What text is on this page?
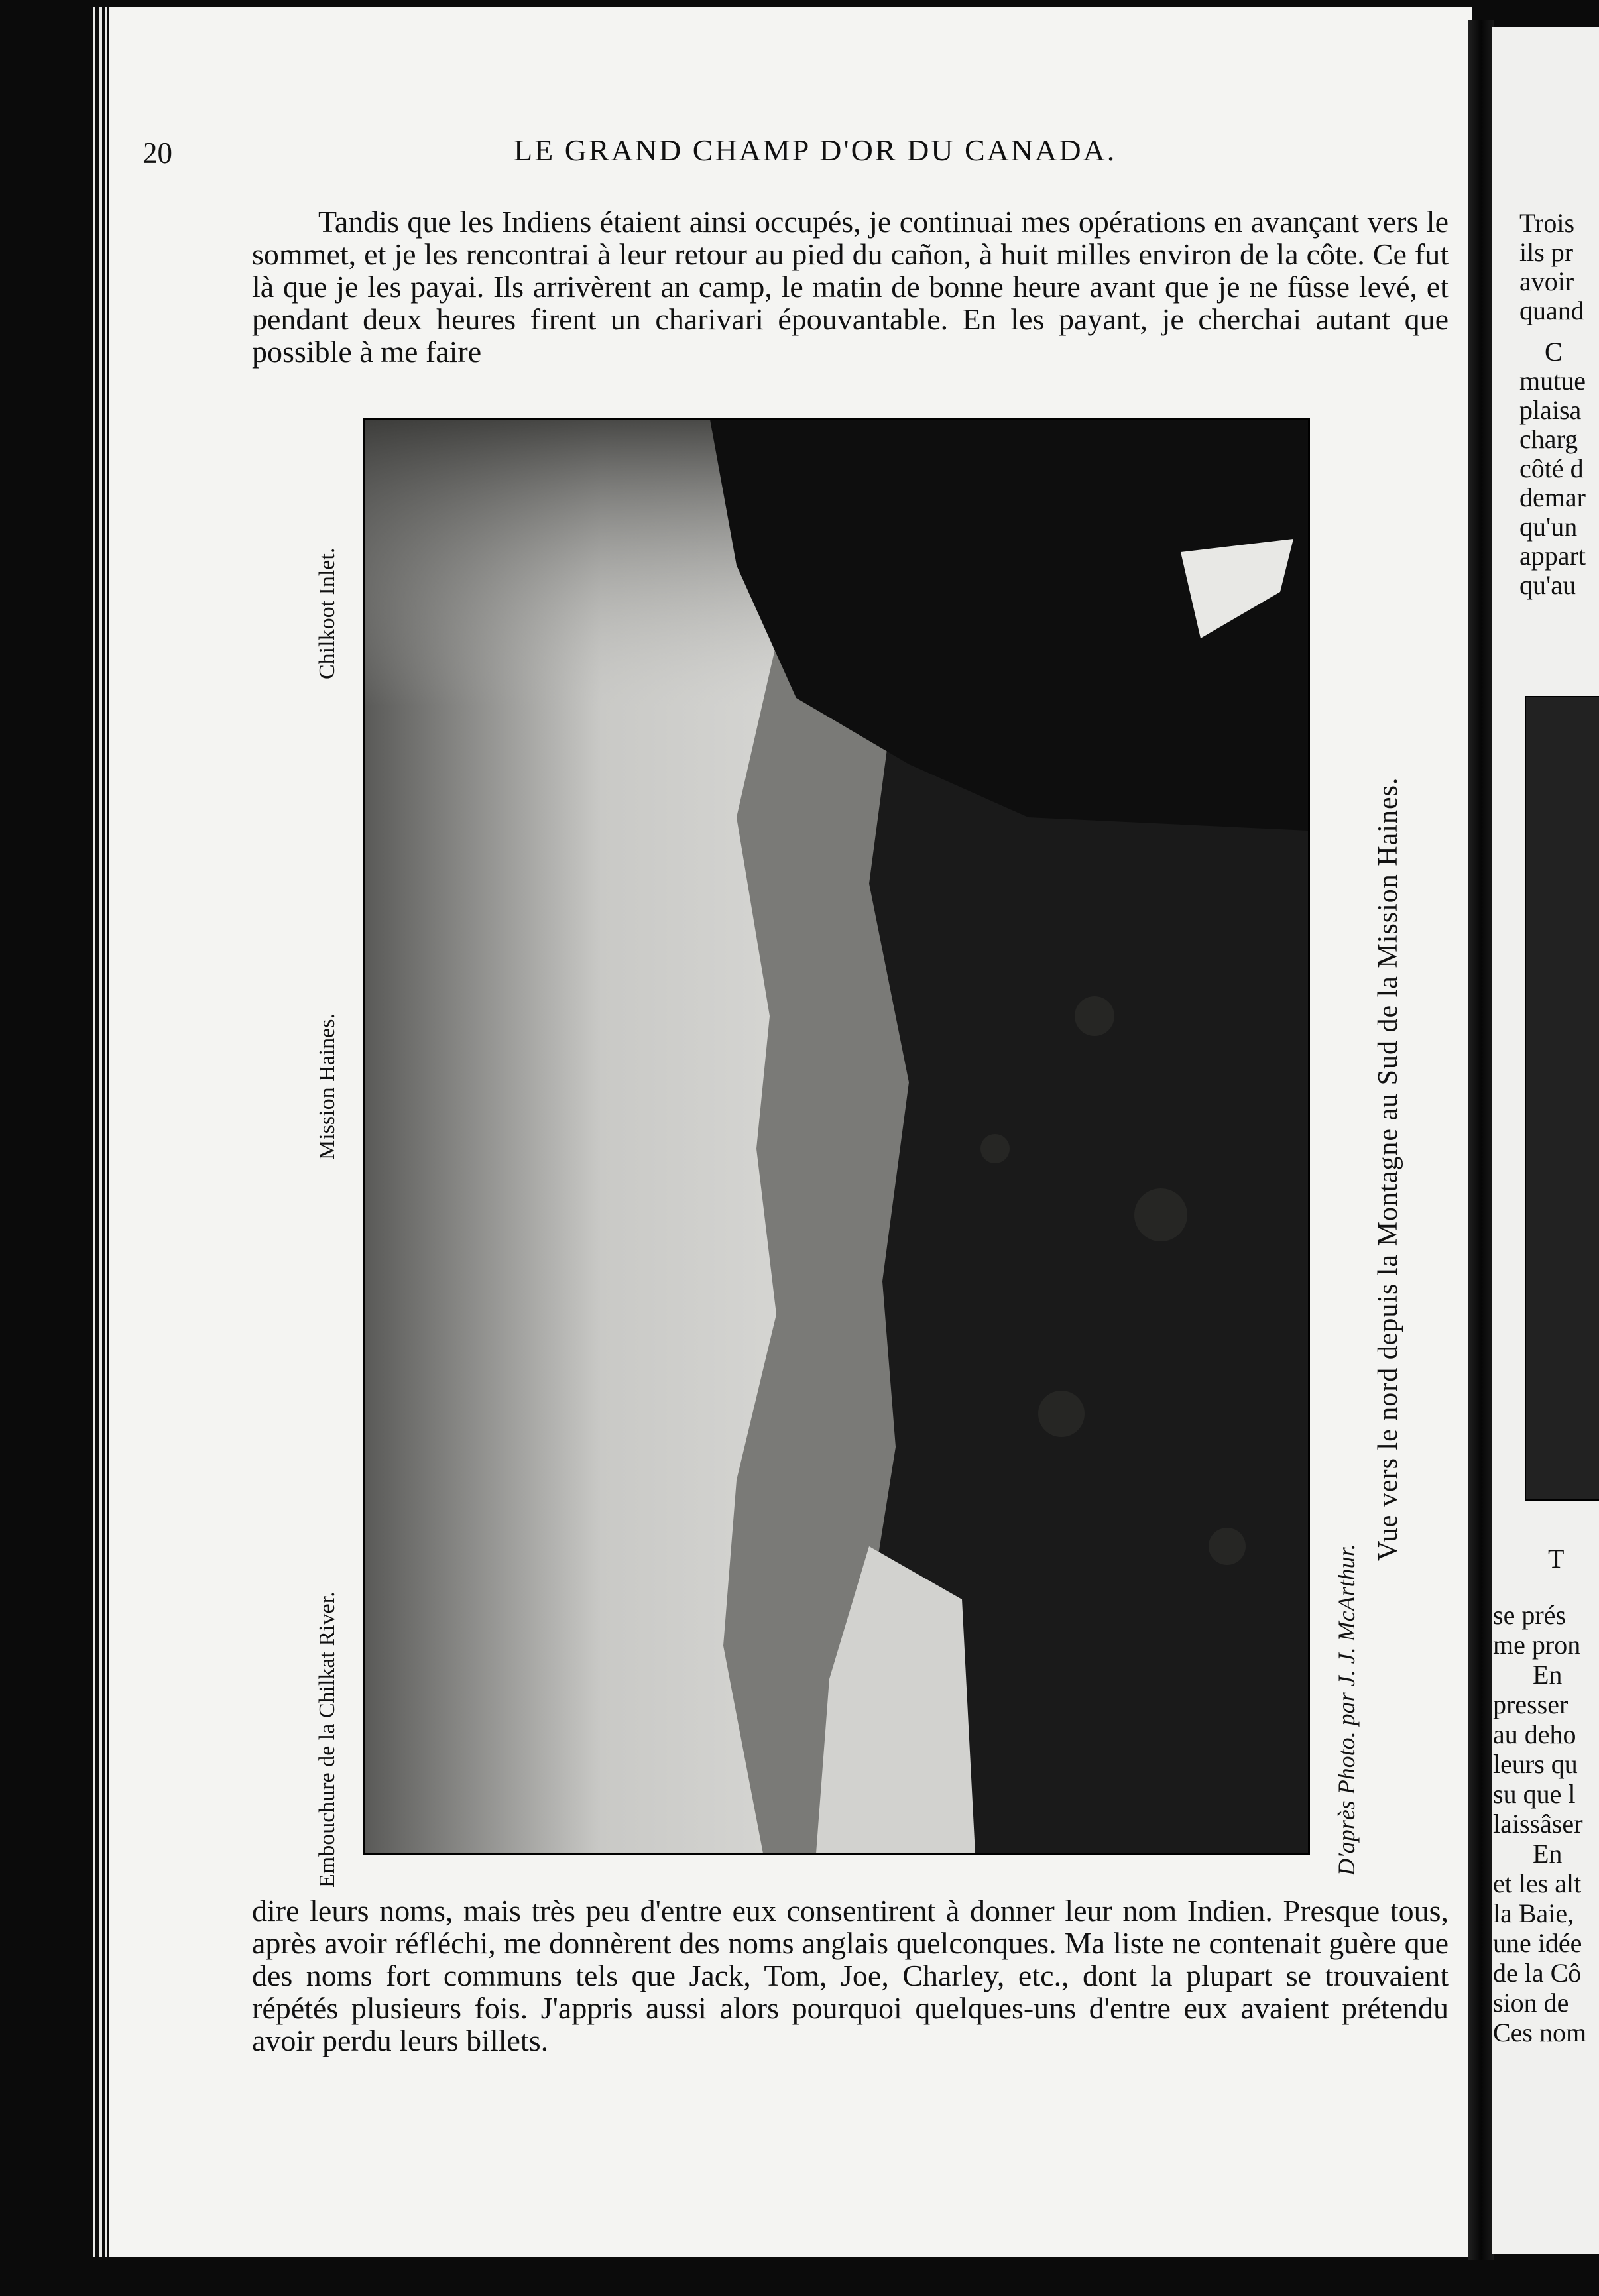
20	LE GRAND CHAMP D'OR DU CANADA.

Tandis que les Indiens étaient ainsi occupés, je continuai mes opérations en avançant vers le sommet, et je les rencontrai à leur retour au pied du cañon, à huit milles environ de la côte. Ce fut là que je les payai. Ils arrivèrent an camp, le matin de bonne heure avant que je ne fûsse levé, et pendant deux heures firent un charivari épouvantable. En les payant, je cherchai autant que possible à me faire

Embouchure de la Chilkat River.
Mission Haines.
Chilkoot Inlet.
D'après Photo. par J. J. McArthur.
Vue vers le nord depuis la Montagne au Sud de la Mission Haines.

dire leurs noms, mais très peu d'entre eux consentirent à donner leur nom Indien. Presque tous, après avoir réfléchi, me donnèrent des noms anglais quelconques. Ma liste ne contenait guère que des noms fort communs tels que Jack, Tom, Joe, Charley, etc., dont la plupart se trouvaient répétés plusieurs fois. J'appris aussi alors pourquoi quelques-uns d'entre eux avaient prétendu avoir perdu leurs billets.

Trois
ils pr
avoir
quand
C
mutue
plaisa
charg
côté d
demar
qu'un
appart
qu'au
T
se prés
me pron
En
presser
au deho
leurs qu
su que l
laissâser
En
et les alt
la Baie,
une idée
de la Cô
sion de
Ces nom
